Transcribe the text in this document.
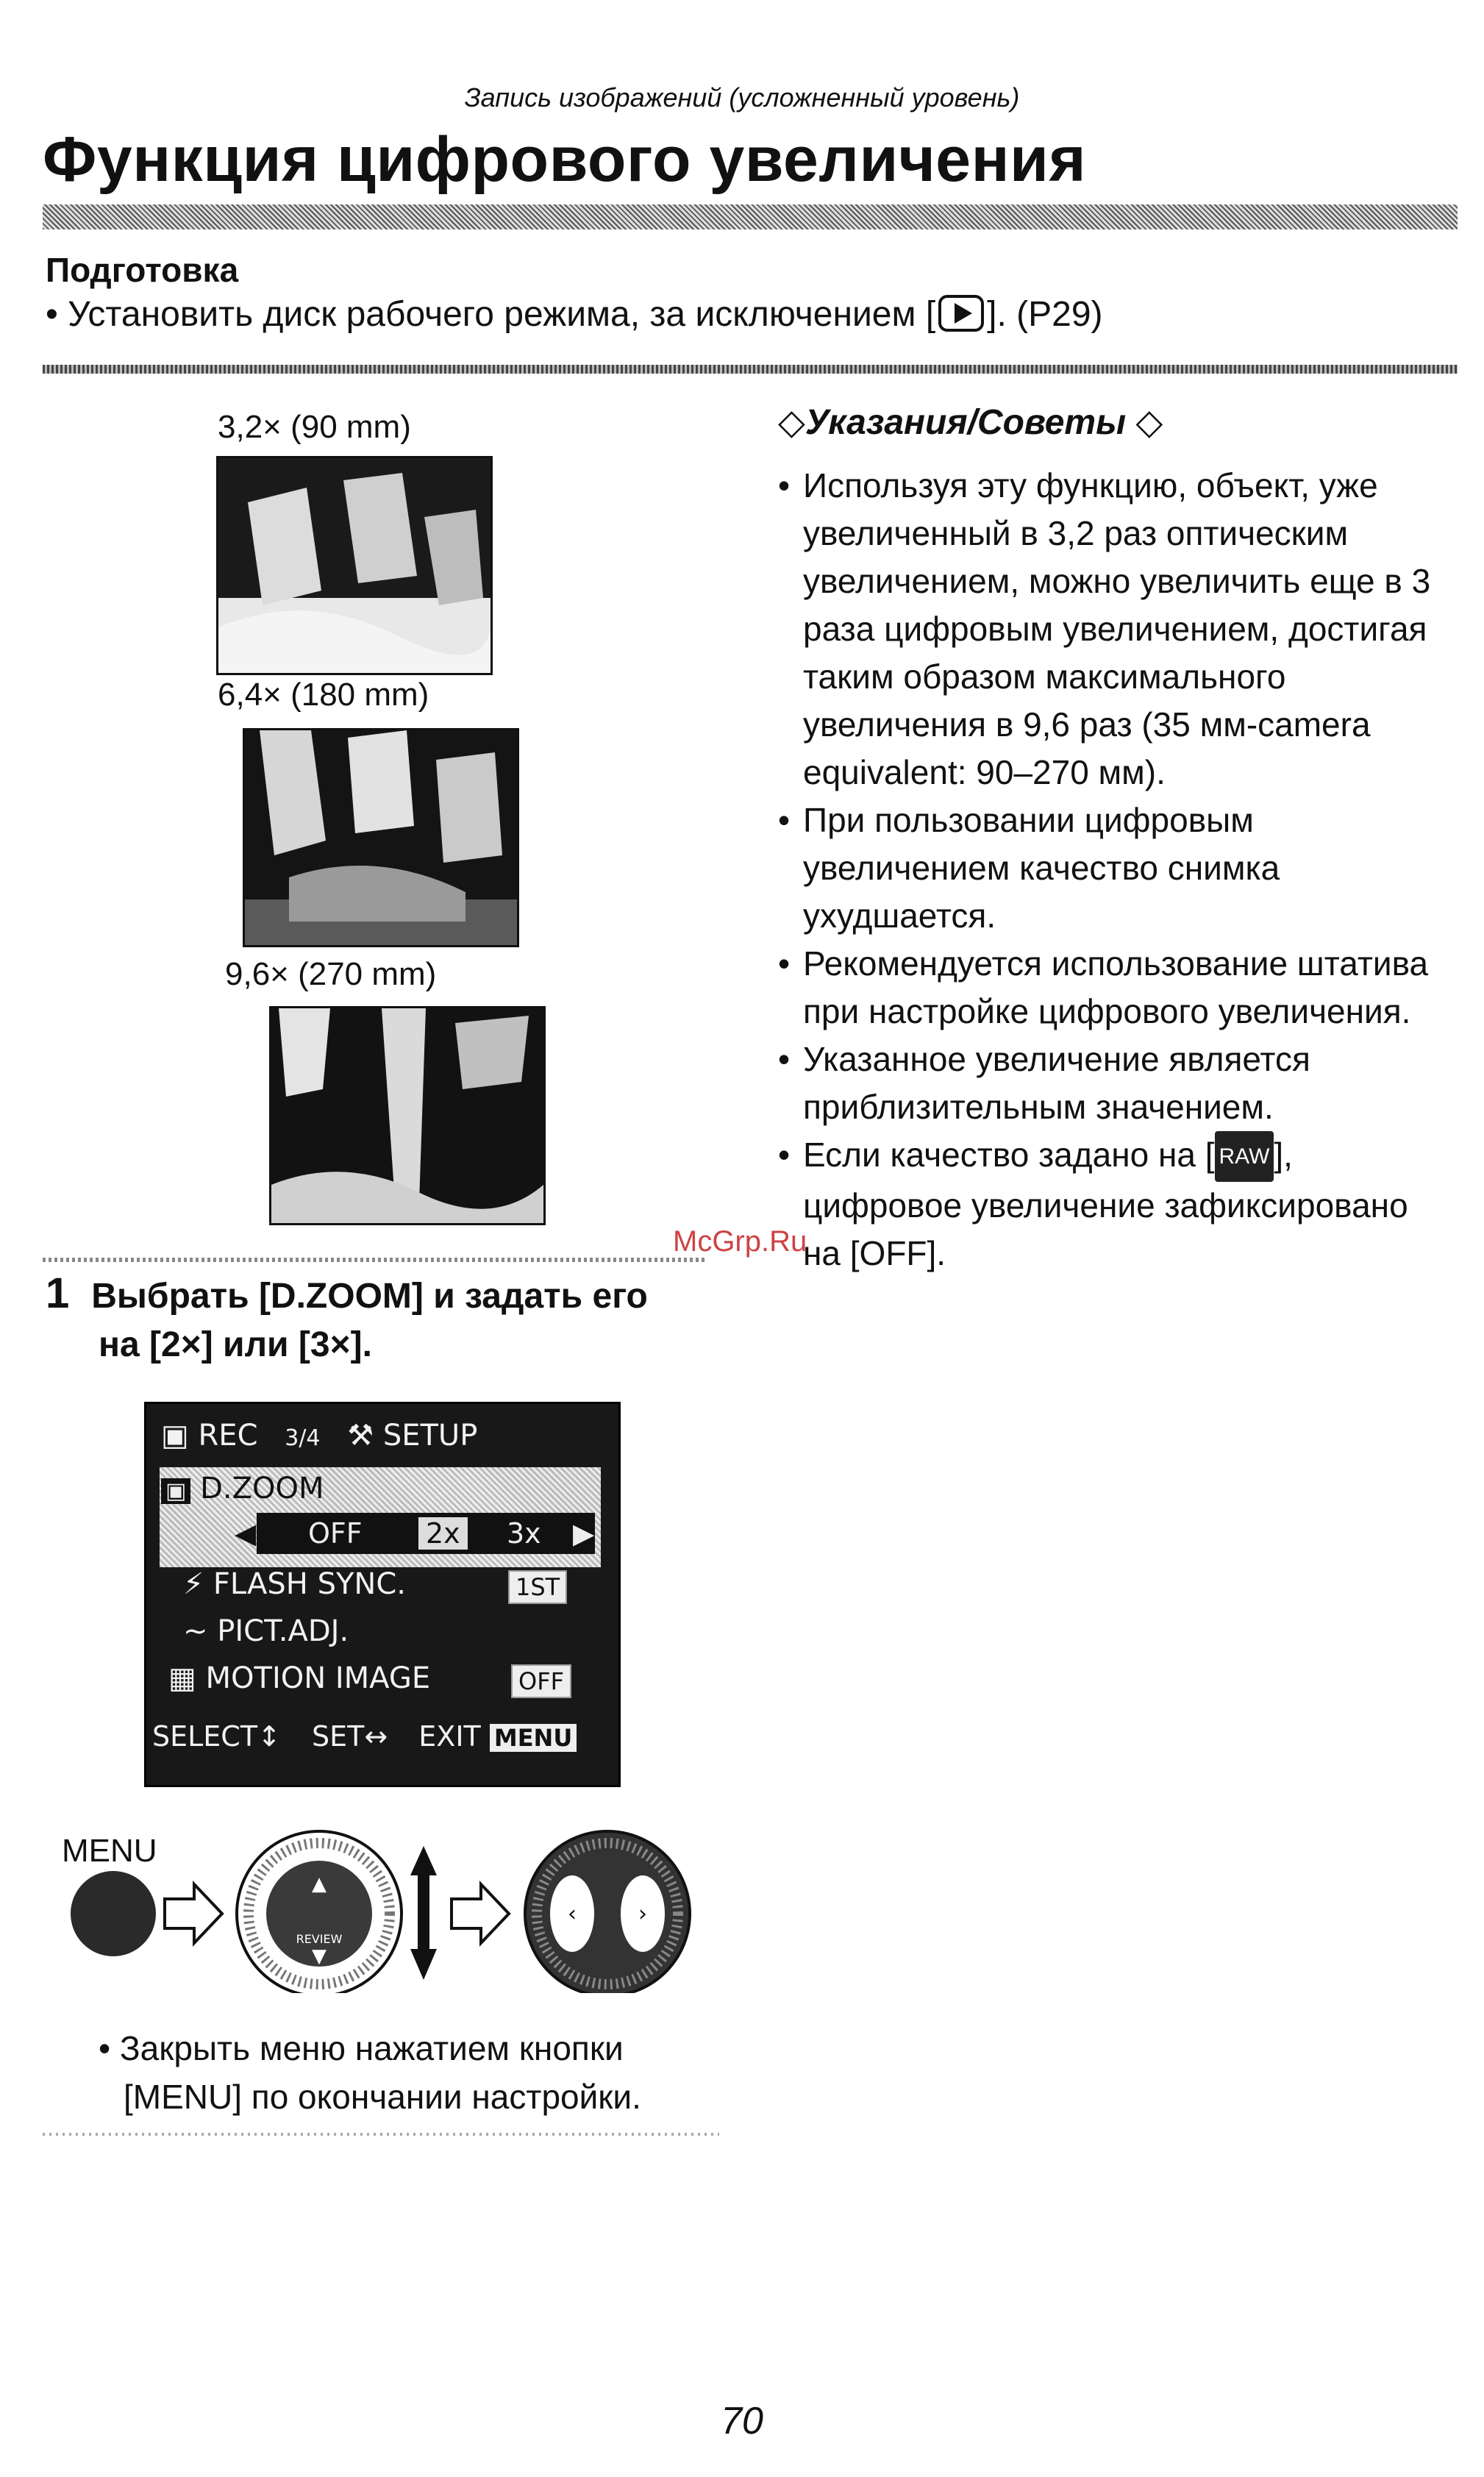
Запись изображений (усложненный уровень)
Функция цифрового увеличения
Подготовка
• Установить диск рабочего режима, за исключением [ ]. (P29)
3,2× (90 mm)
6,4× (180 mm)
9,6× (270 mm)
◇Указания/Советы ◇
• Используя эту функцию, объект, уже увеличенный в 3,2 раз оптическим увеличением, можно увеличить еще в 3 раза цифровым увеличением, достигая таким образом максимального увеличения в 9,6 раз (35 мм-camera equivalent: 90–270 мм).
• При пользовании цифровым увеличением качество снимка ухудшается.
• Рекомендуется использование штатива при настройке цифрового увеличения.
• Указанное увеличение является приблизительным значением.
• Если качество задано на [ RAW ], цифровое увеличение зафиксировано на [OFF].
McGrp.Ru
1 Выбрать [D.ZOOM] и задать его
на [2×] или [3×].
▣ REC 3/4 ⚒ SETUP
▣ D.ZOOM
◀ OFF 2x 3x ▶
⚡ FLASH SYNC.	1ST
∼ PICT.ADJ.
▦ MOTION IMAGE	OFF
SELECT↕ SET↔ EXIT MENU
MENU
▲
▼
REVIEW
‹	›
• Закрыть меню нажатием кнопки
[MENU] по окончании настройки.
70
